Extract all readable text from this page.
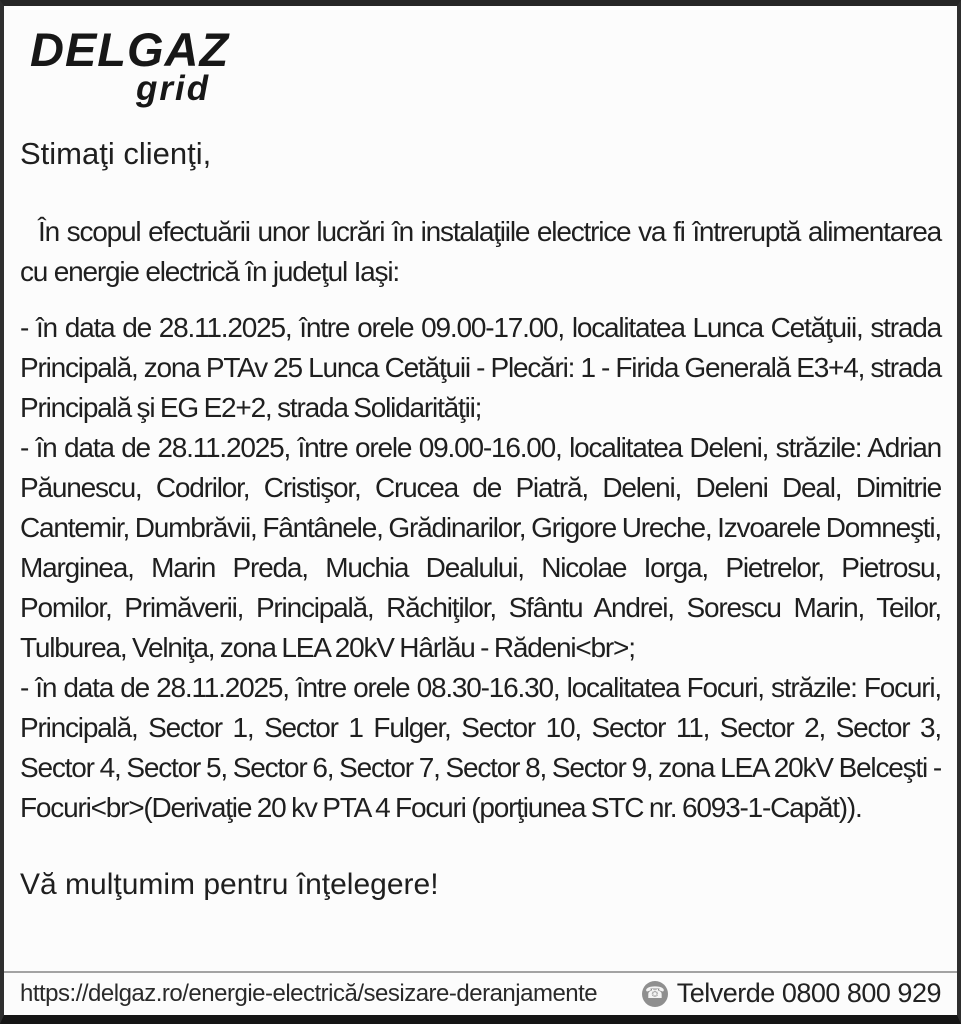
DELGAZ
grid

Stimaţi clienţi,

În scopul efectuării unor lucrări în instalaţiile electrice va fi întreruptă alimentarea cu energie electrică în judeţul Iaşi:

- în data de 28.11.2025, între orele 09.00-17.00, localitatea Lunca Cetăţuii, strada Principală, zona PTAv 25 Lunca Cetăţuii - Plecări: 1 - Firida Generală E3+4, strada Principală şi EG E2+2, strada Solidarităţii;

- în data de 28.11.2025, între orele 09.00-16.00, localitatea Deleni, străzile: Adrian Păunescu, Codrilor, Cristişor, Crucea de Piatră, Deleni, Deleni Deal, Dimitrie Cantemir, Dumbrăvii, Fântânele, Grădinarilor, Grigore Ureche, Izvoarele Domneşti, Marginea, Marin Preda, Muchia Dealului, Nicolae Iorga, Pietrelor, Pietrosu, Pomilor, Primăverii, Principală, Răchiţilor, Sfântu Andrei, Sorescu Marin, Teilor, Tulburea, Velniţa, zona LEA 20kV Hârlău - Rădeni<br>;

- în data de 28.11.2025, între orele 08.30-16.30, localitatea Focuri, străzile: Focuri, Principală, Sector 1, Sector 1 Fulger, Sector 10, Sector 11, Sector 2, Sector 3, Sector 4, Sector 5, Sector 6, Sector 7, Sector 8, Sector 9, zona LEA 20kV Belceşti - Focuri<br>(Derivaţie 20 kv PTA 4 Focuri (porţiunea STC nr. 6093-1-Capăt)).

Vă mulţumim pentru înţelegere!

https://delgaz.ro/energie-electrică/sesizare-deranjamente	☎ Telverde 0800 800 929
